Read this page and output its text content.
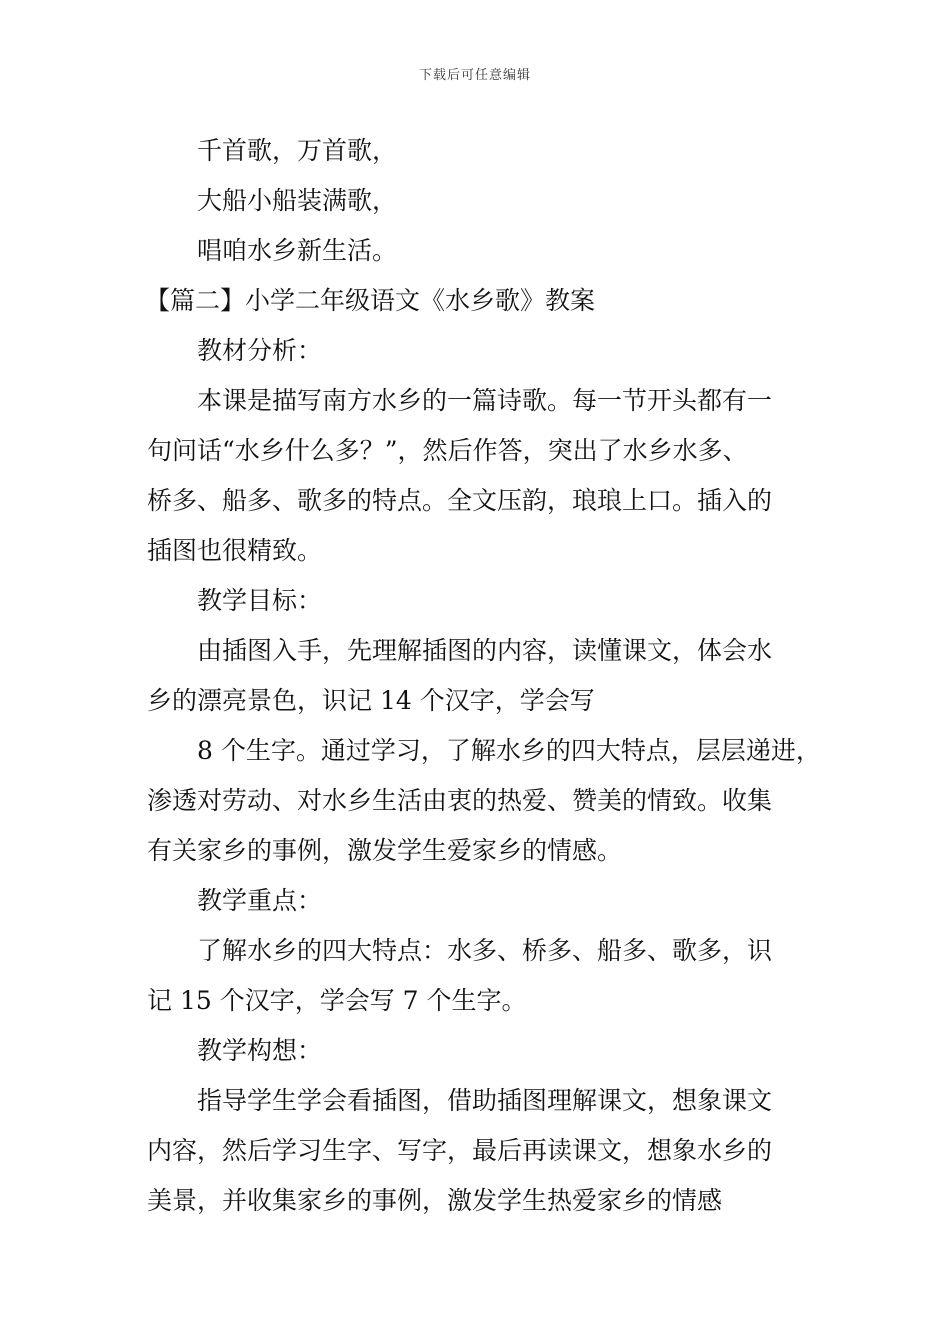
下载后可任意编辑
千首歌，万首歌，
大船小船装满歌，
唱咱水乡新生活。
【篇二】小学二年级语文《水乡歌》教案
教材分析：
本课是描写南方水乡的一篇诗歌。每一节开头都有一
句问话“水乡什么多？”，然后作答，突出了水乡水多、
桥多、船多、歌多的特点。全文压韵，琅琅上口。插入的
插图也很精致。
教学目标：
由插图入手，先理解插图的内容，读懂课文，体会水
乡的漂亮景色，识记 14 个汉字，学会写
8 个生字。通过学习，了解水乡的四大特点，层层递进，
渗透对劳动、对水乡生活由衷的热爱、赞美的情致。收集
有关家乡的事例，激发学生爱家乡的情感。
教学重点：
了解水乡的四大特点：水多、桥多、船多、歌多，识
记 15 个汉字，学会写 7 个生字。
教学构想：
指导学生学会看插图，借助插图理解课文，想象课文
内容，然后学习生字、写字，最后再读课文，想象水乡的
美景，并收集家乡的事例，激发学生热爱家乡的情感
